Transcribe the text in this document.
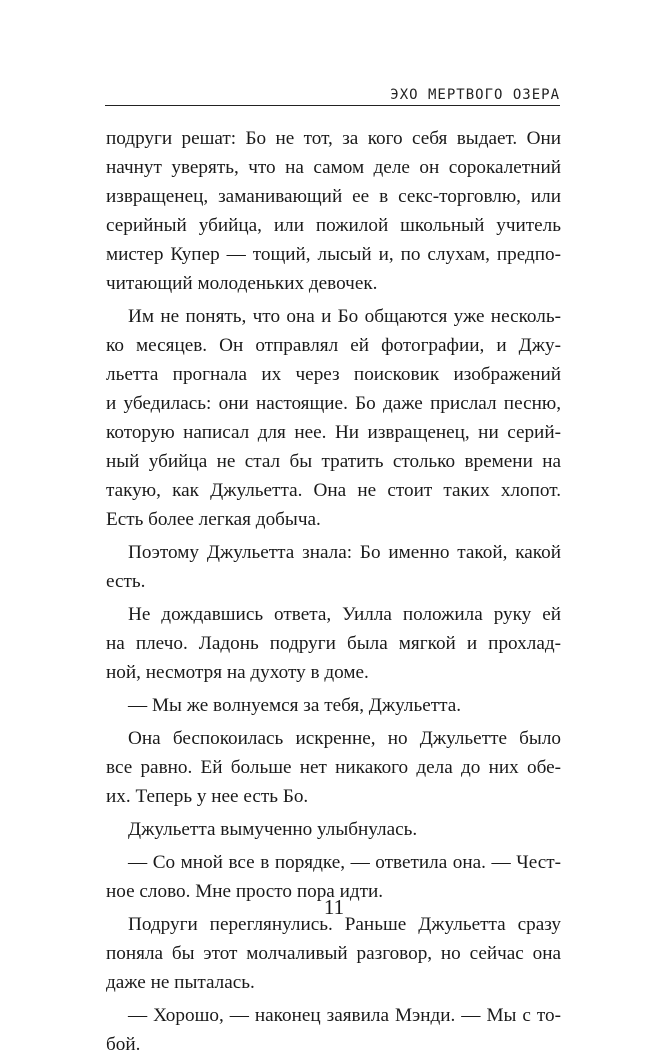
ЭХО МЕРТВОГО ОЗЕРА
подруги решат: Бо не тот, за кого себя выдает. Они
начнут уверять, что на самом деле он сорокалетний
извращенец, заманивающий ее в секс-торговлю, или
серийный убийца, или пожилой школьный учитель
мистер Купер — тощий, лысый и, по слухам, предпо-
читающий молоденьких девочек.
Им не понять, что она и Бо общаются уже несколь-
ко месяцев. Он отправлял ей фотографии, и Джу-
льетта прогнала их через поисковик изображений
и убедилась: они настоящие. Бо даже прислал песню,
которую написал для нее. Ни извращенец, ни серий-
ный убийца не стал бы тратить столько времени на
такую, как Джульетта. Она не стоит таких хлопот.
Есть более легкая добыча.
Поэтому Джульетта знала: Бо именно такой, какой
есть.
Не дождавшись ответа, Уилла положила руку ей
на плечо. Ладонь подруги была мягкой и прохлад-
ной, несмотря на духоту в доме.
— Мы же волнуемся за тебя, Джульетта.
Она беспокоилась искренне, но Джульетте было
все равно. Ей больше нет никакого дела до них обе-
их. Теперь у нее есть Бо.
Джульетта вымученно улыбнулась.
— Со мной все в порядке, — ответила она. — Чест-
ное слово. Мне просто пора идти.
Подруги переглянулись. Раньше Джульетта сразу
поняла бы этот молчаливый разговор, но сейчас она
даже не пыталась.
— Хорошо, — наконец заявила Мэнди. — Мы с то-
бой.
11
